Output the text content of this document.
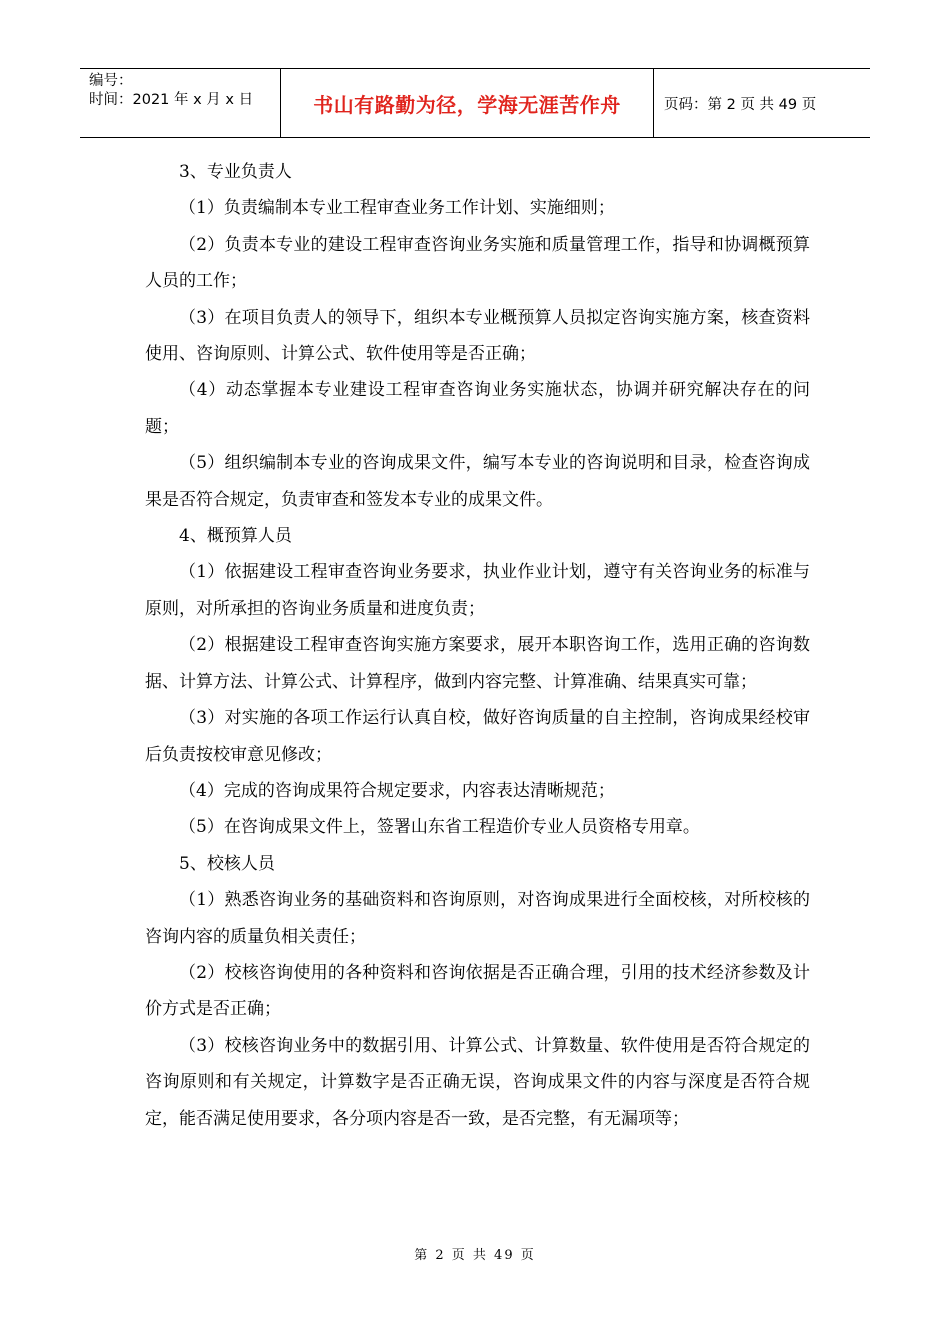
编号：
时间：2021 年 x 月 x 日	书山有路勤为径，学海无涯苦作舟	页码：第 2 页 共 49 页

3、专业负责人

（1）负责编制本专业工程审查业务工作计划、实施细则；

（2）负责本专业的建设工程审查咨询业务实施和质量管理工作，指导和协调概预算人员的工作；

（3）在项目负责人的领导下，组织本专业概预算人员拟定咨询实施方案，核查资料使用、咨询原则、计算公式、软件使用等是否正确；

（4）动态掌握本专业建设工程审查咨询业务实施状态，协调并研究解决存在的问题；

（5）组织编制本专业的咨询成果文件，编写本专业的咨询说明和目录，检查咨询成果是否符合规定，负责审查和签发本专业的成果文件。

4、概预算人员

（1）依据建设工程审查咨询业务要求，执业作业计划，遵守有关咨询业务的标准与原则，对所承担的咨询业务质量和进度负责；

（2）根据建设工程审查咨询实施方案要求，展开本职咨询工作，选用正确的咨询数据、计算方法、计算公式、计算程序，做到内容完整、计算准确、结果真实可靠；

（3）对实施的各项工作运行认真自校，做好咨询质量的自主控制，咨询成果经校审后负责按校审意见修改；

（4）完成的咨询成果符合规定要求，内容表达清晰规范；

（5）在咨询成果文件上，签署山东省工程造价专业人员资格专用章。

5、校核人员

（1）熟悉咨询业务的基础资料和咨询原则，对咨询成果进行全面校核，对所校核的咨询内容的质量负相关责任；

（2）校核咨询使用的各种资料和咨询依据是否正确合理，引用的技术经济参数及计价方式是否正确；

（3）校核咨询业务中的数据引用、计算公式、计算数量、软件使用是否符合规定的咨询原则和有关规定，计算数字是否正确无误，咨询成果文件的内容与深度是否符合规定，能否满足使用要求，各分项内容是否一致，是否完整，有无漏项等；

第 2 页 共 49 页
